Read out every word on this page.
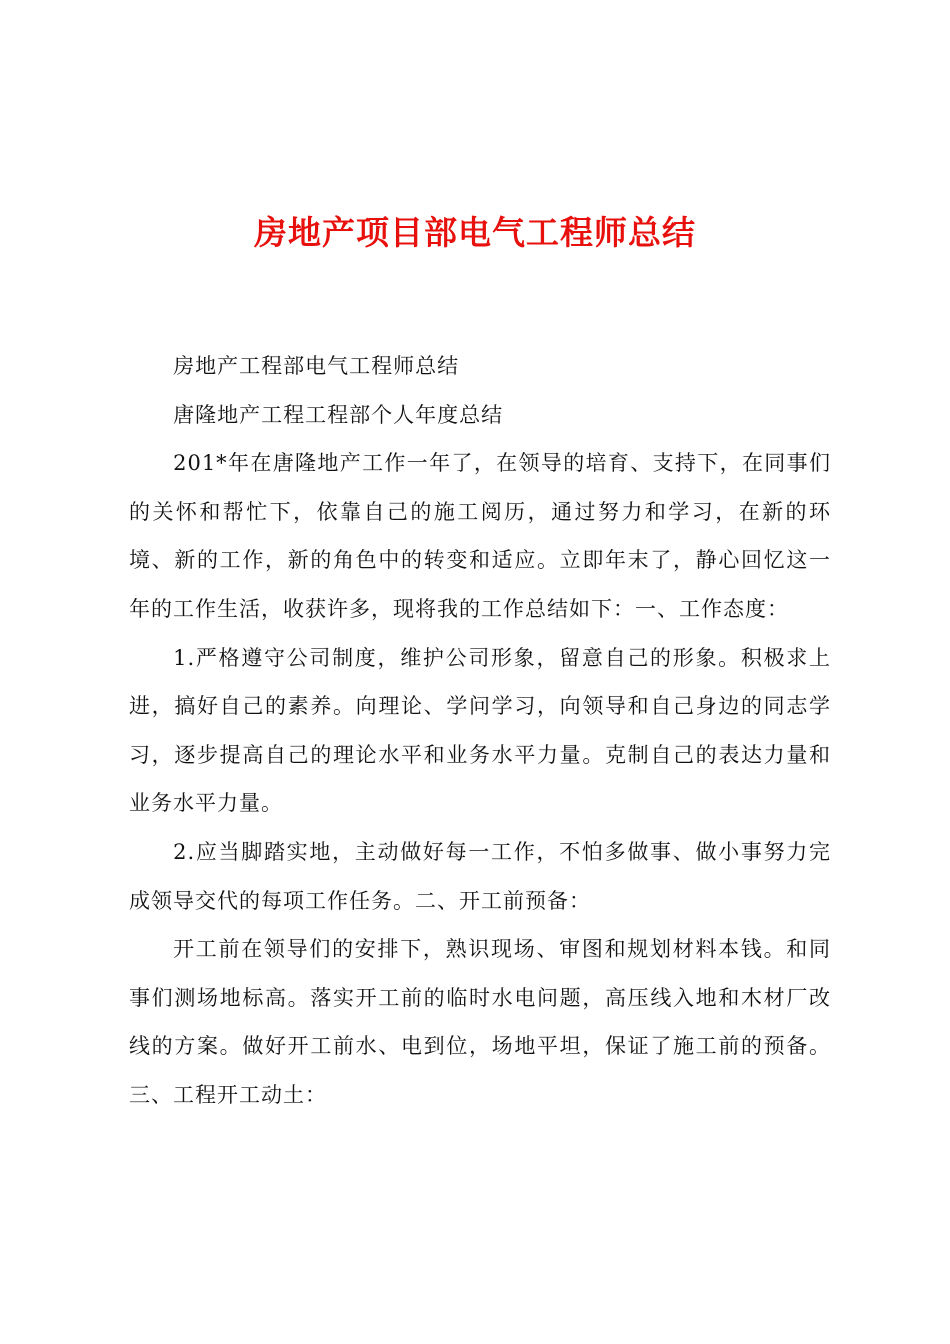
房地产项目部电气工程师总结

房地产工程部电气工程师总结

唐隆地产工程工程部个人年度总结

201*年在唐隆地产工作一年了，在领导的培育、支持下，在同事们的关怀和帮忙下，依靠自己的施工阅历，通过努力和学习，在新的环境、新的工作，新的角色中的转变和适应。立即年末了，静心回忆这一年的工作生活，收获许多，现将我的工作总结如下：一、工作态度：

1.严格遵守公司制度，维护公司形象，留意自己的形象。积极求上进，搞好自己的素养。向理论、学问学习，向领导和自己身边的同志学习，逐步提高自己的理论水平和业务水平力量。克制自己的表达力量和业务水平力量。

2.应当脚踏实地，主动做好每一工作，不怕多做事、做小事努力完成领导交代的每项工作任务。二、开工前预备：

开工前在领导们的安排下，熟识现场、审图和规划材料本钱。和同事们测场地标高。落实开工前的临时水电问题，高压线入地和木材厂改线的方案。做好开工前水、电到位，场地平坦，保证了施工前的预备。三、工程开工动土：
